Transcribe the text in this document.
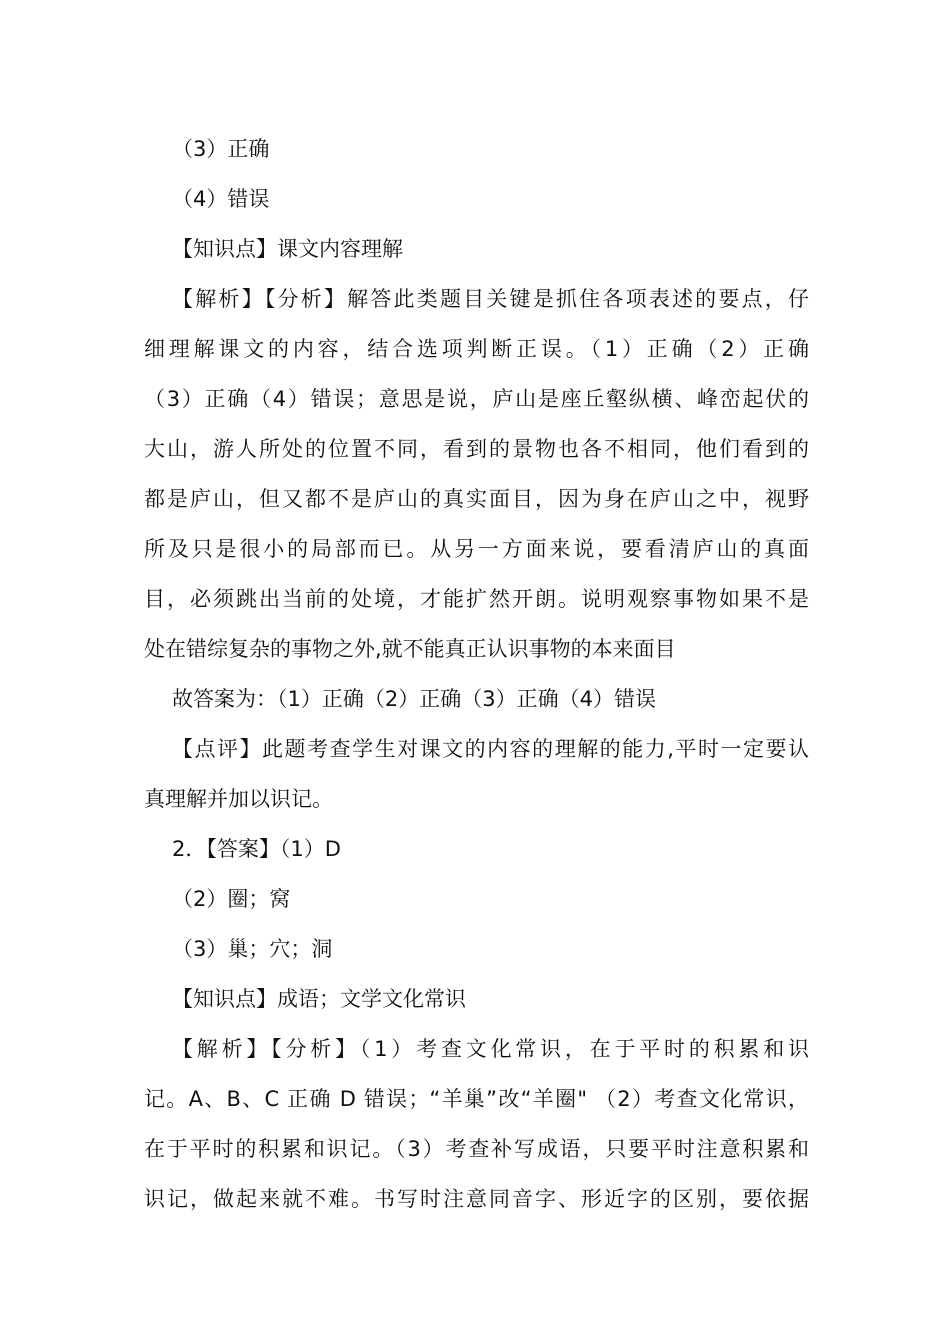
（3）正确
（4）错误
【知识点】课文内容理解
【解析】【分析】解答此类题目关键是抓住各项表述的要点，仔
细理解课文的内容，结合选项判断正误。（1）正确（2）正确
（3）正确（4）错误；意思是说，庐山是座丘壑纵横、峰峦起伏的
大山，游人所处的位置不同，看到的景物也各不相同，他们看到的
都是庐山，但又都不是庐山的真实面目，因为身在庐山之中，视野
所及只是很小的局部而已。从另一方面来说，要看清庐山的真面
目，必须跳出当前的处境，才能扩然开朗。说明观察事物如果不是
处在错综复杂的事物之外,就不能真正认识事物的本来面目
故答案为：（1）正确（2）正确（3）正确（4）错误
【点评】此题考查学生对课文的内容的理解的能力,平时一定要认
真理解并加以识记。
2．【答案】（1）D
（2）圈；窝
（3）巢；穴；洞
【知识点】成语；文学文化常识
【解析】【分析】（1）考查文化常识，在于平时的积累和识
记。A、B、C 正确 D 错误；“羊巢”改“羊圈" （2）考查文化常识，
在于平时的积累和识记。（3）考查补写成语，只要平时注意积累和
识记，做起来就不难。书写时注意同音字、形近字的区别，要依据
